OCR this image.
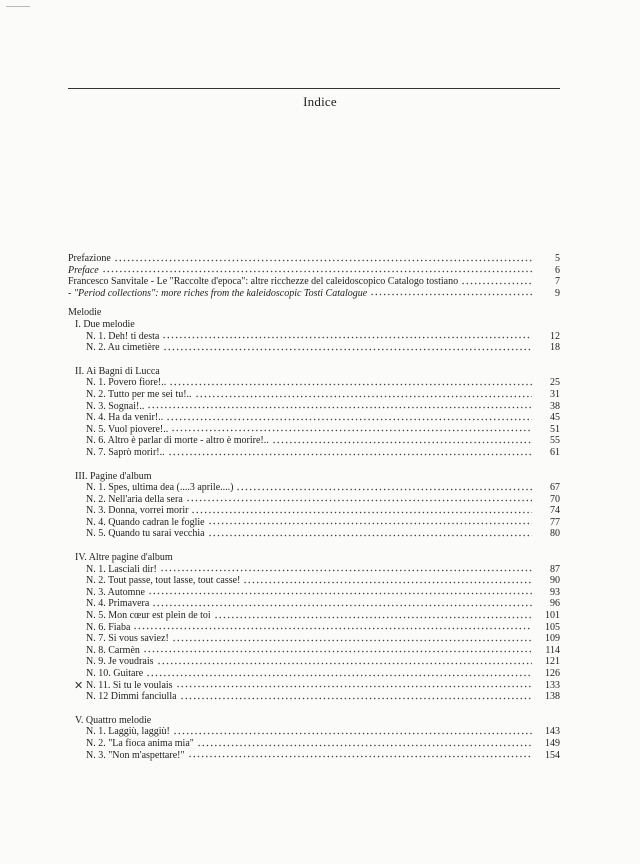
Indice
Prefazione	5
Preface	6
Francesco Sanvitale - Le "Raccolte d'epoca": altre ricchezze del caleidoscopico Catalogo tostiano	7
- "Period collections": more riches from the kaleidoscopic Tosti Catalogue	9
Melodie
I. Due melodie
N. 1. Deh! ti desta	12
N. 2. Au cimetière	18
II. Ai Bagni di Lucca
N. 1. Povero fiore!..	25
N. 2. Tutto per me sei tu!..	31
N. 3. Sognai!..	38
N. 4. Ha da venir!..	45
N. 5. Vuol piovere!..	51
N. 6. Altro è parlar di morte - altro è morire!..	55
N. 7. Saprò morir!..	61
III. Pagine d'album
N. 1. Spes, ultima dea (....3 aprile....)	67
N. 2. Nell'aria della sera	70
N. 3. Donna, vorrei morir	74
N. 4. Quando cadran le foglie	77
N. 5. Quando tu sarai vecchia	80
IV. Altre pagine d'album
N. 1. Lasciali dir!	87
N. 2. Tout passe, tout lasse, tout casse!	90
N. 3. Automne	93
N. 4. Primavera	96
N. 5. Mon cœur est plein de toi	101
N. 6. Fiaba	105
N. 7. Si vous saviez!	109
N. 8. Carmèn	114
N. 9. Je voudrais	121
N. 10. Guitare	126
N. 11. Si tu le voulais	133
✕
N. 12 Dimmi fanciulla	138
V. Quattro melodie
N. 1. Laggiù, laggiù!	143
N. 2. "La fioca anima mia"	149
N. 3. "Non m'aspettare!"	154
